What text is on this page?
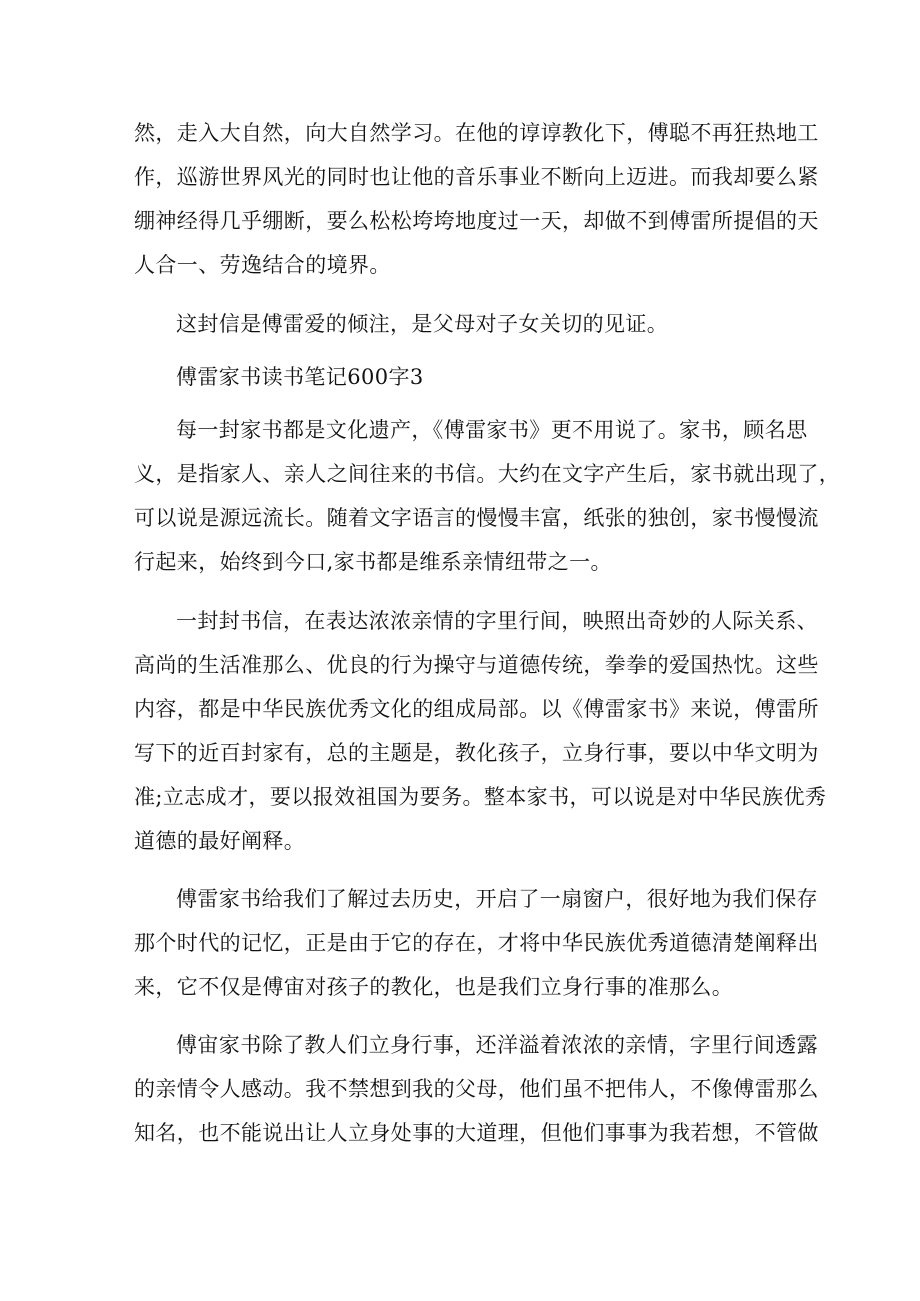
然，走入大自然，向大自然学习。在他的谆谆教化下，傅聪不再狂热地工
作，巡游世界风光的同时也让他的音乐事业不断向上迈进。而我却要么紧
绷神经得几乎绷断，要么松松垮垮地度过一天，却做不到傅雷所提倡的天
人合一、劳逸结合的境界。
这封信是傅雷爱的倾注，是父母对子女关切的见证。
傅雷家书读书笔记600字3
每一封家书都是文化遗产，《傅雷家书》更不用说了。家书，顾名思
义，是指家人、亲人之间往来的书信。大约在文字产生后，家书就出现了，
可以说是源远流长。随着文字语言的慢慢丰富，纸张的独创，家书慢慢流
行起来，始终到今口,家书都是维系亲情纽带之一。
一封封书信，在表达浓浓亲情的字里行间，映照出奇妙的人际关系、
高尚的生活准那么、优良的行为操守与道德传统，拳拳的爱国热忱。这些
内容，都是中华民族优秀文化的组成局部。以《傅雷家书》来说，傅雷所
写下的近百封家有，总的主题是，教化孩子，立身行事，要以中华文明为
准;立志成才，要以报效祖国为要务。整本家书，可以说是对中华民族优秀
道德的最好阐释。
傅雷家书给我们了解过去历史，开启了一扇窗户，很好地为我们保存
那个时代的记忆，正是由于它的存在，才将中华民族优秀道德清楚阐释出
来，它不仅是傅宙对孩子的教化，也是我们立身行事的准那么。
傅宙家书除了教人们立身行事，还洋溢着浓浓的亲情，字里行间透露
的亲情令人感动。我不禁想到我的父母，他们虽不把伟人，不像傅雷那么
知名，也不能说出让人立身处事的大道理，但他们事事为我若想，不管做
